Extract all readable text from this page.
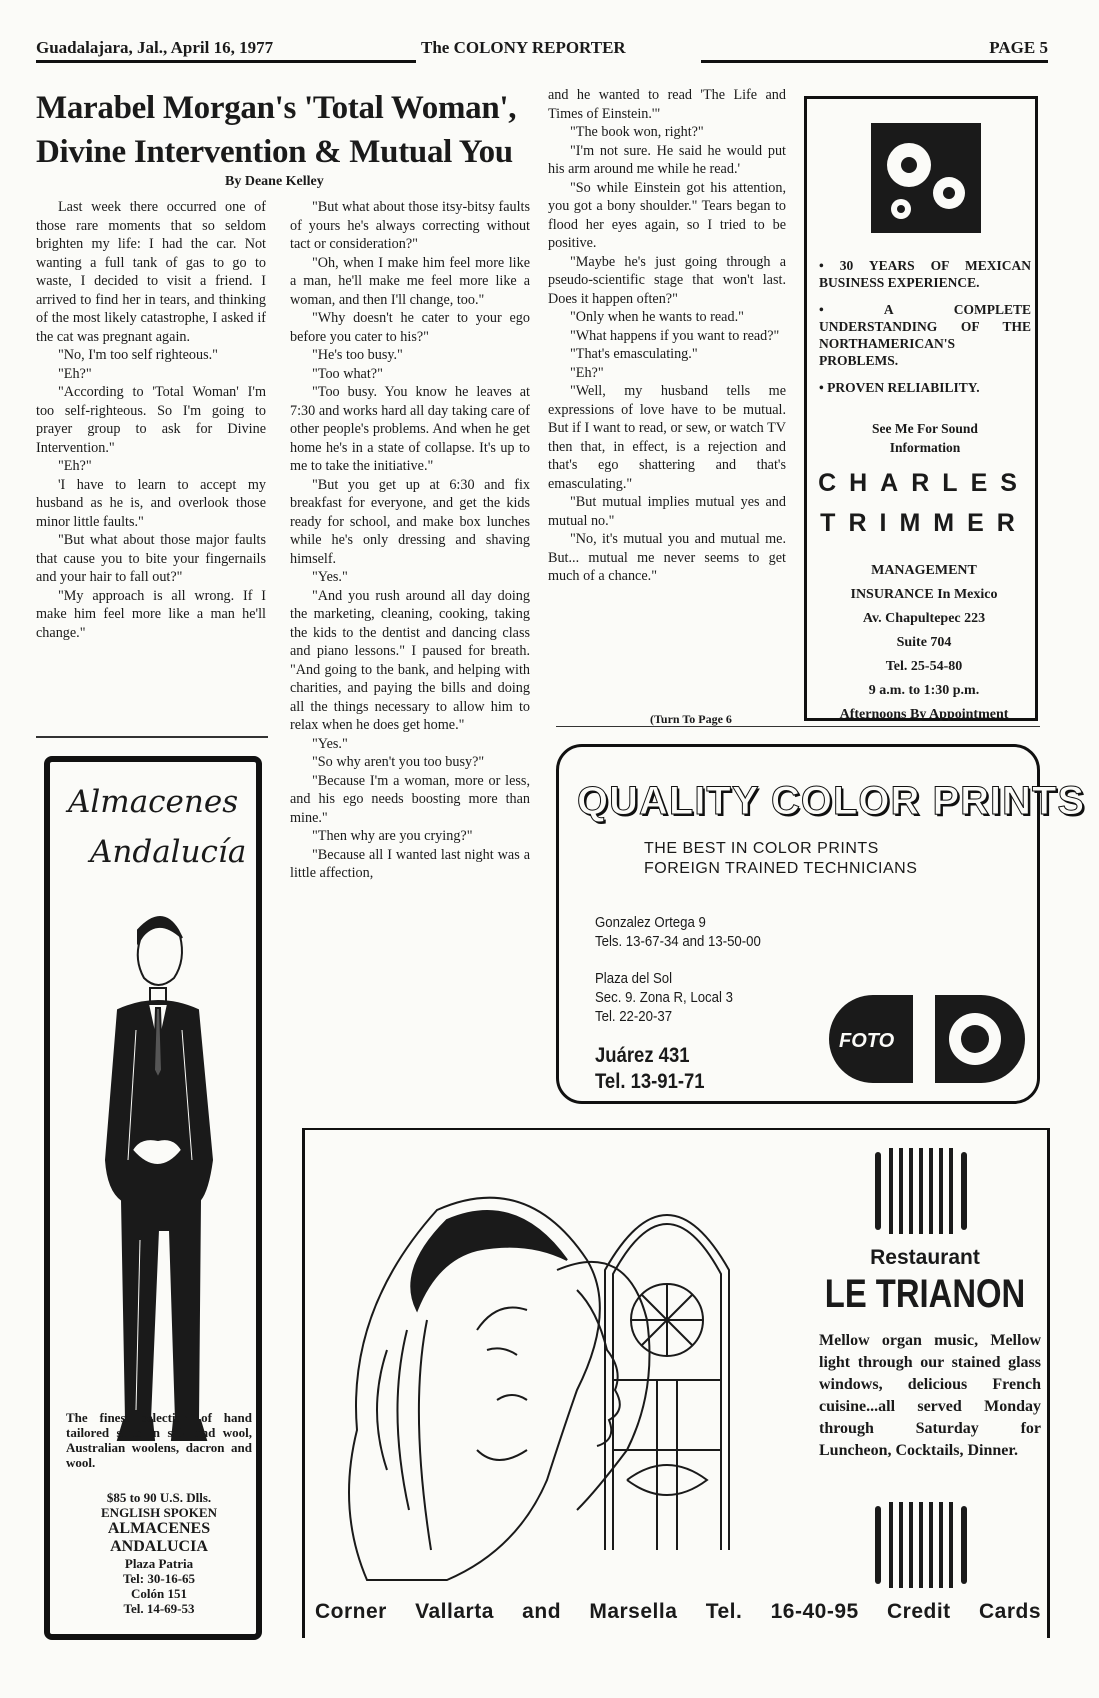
Guadalajara, Jal., April 16, 1977	The COLONY REPORTER	PAGE 5
Marabel Morgan's 'Total Woman',
Divine Intervention & Mutual You
By Deane Kelley

Last week there occurred one of those rare moments that so seldom brighten my life: I had the car. Not wanting a full tank of gas to go to waste, I decided to visit a friend. I arrived to find her in tears, and thinking of the most likely catastrophe, I asked if the cat was pregnant again.

"No, I'm too self righteous."

"Eh?"

"According to 'Total Woman' I'm too self-righteous. So I'm going to prayer group to ask for Divine Intervention."

"Eh?"

'I have to learn to accept my husband as he is, and overlook those minor little faults."

"But what about those major faults that cause you to bite your fingernails and your hair to fall out?"

"My approach is all wrong. If I make him feel more like a man he'll change."

"But what about those itsy-bitsy faults of yours he's always correcting without tact or consideration?"

"Oh, when I make him feel more like a man, he'll make me feel more like a woman, and then I'll change, too."

"Why doesn't he cater to your ego before you cater to his?"

"He's too busy."

"Too what?"

"Too busy. You know he leaves at 7:30 and works hard all day taking care of other people's problems. And when he get home he's in a state of collapse. It's up to me to take the initiative."

"But you get up at 6:30 and fix breakfast for everyone, and get the kids ready for school, and make box lunches while he's only dressing and shaving himself.

"Yes."

"And you rush around all day doing the marketing, cleaning, cooking, taking the kids to the dentist and dancing class and piano lessons." I paused for breath. "And going to the bank, and helping with charities, and paying the bills and doing all the things necessary to allow him to relax when he does get home."

"Yes."

"So why aren't you too busy?"

"Because I'm a woman, more or less, and his ego needs boosting more than mine."

"Then why are you crying?"

"Because all I wanted last night was a little affection,

and he wanted to read 'The Life and Times of Einstein.'"

"The book won, right?"

"I'm not sure. He said he would put his arm around me while he read.'

"So while Einstein got his attention, you got a bony shoulder." Tears began to flood her eyes again, so I tried to be positive.

"Maybe he's just going through a pseudo-scientific stage that won't last. Does it happen often?"

"Only when he wants to read."

"What happens if you want to read?"

"That's emasculating."

"Eh?"

"Well, my husband tells me expressions of love have to be mutual. But if I want to read, or sew, or watch TV then that, in effect, is a rejection and that's ego shattering and that's emasculating."

"But mutual implies mutual yes and mutual no."

"No, it's mutual you and mutual me. But... mutual me never seems to get much of a chance."

(Turn To Page 6
• 30 YEARS OF MEXICAN BUSINESS EXPERIENCE.
• A COMPLETE UNDERSTANDING OF THE NORTHAMERICAN'S PROBLEMS.
• PROVEN RELIABILITY.
See Me For Sound
Information
CHARLES
TRIMMER
MANAGEMENT
INSURANCE In Mexico
Av. Chapultepec 223
Suite 704
Tel. 25-54-80
9 a.m. to 1:30 p.m.
Afternoons By Appointment
Almacenes
Andalucía
The finest selection of hand tailored suits in silk and wool, Australian woolens, dacron and wool.
$85 to 90 U.S. Dlls.
ENGLISH SPOKEN
ALMACENES
ANDALUCIA
Plaza Patria
Tel: 30-16-65
Colón 151
Tel. 14-69-53
QUALITY COLOR PRINTS
THE BEST IN COLOR PRINTS
FOREIGN TRAINED TECHNICIANS
Gonzalez Ortega 9
Tels. 13-67-34 and 13-50-00
Plaza del Sol
Sec. 9. Zona R, Local 3
Tel. 22-20-37
Juárez 431
Tel. 13-91-71
FOTO
Restaurant
LE TRIANON
Mellow organ music, Mellow light through our stained glass windows, delicious French cuisine...all served Monday through Saturday for Luncheon, Cocktails, Dinner.
Corner Vallarta and Marsella Tel. 16-40-95 Credit Cards
